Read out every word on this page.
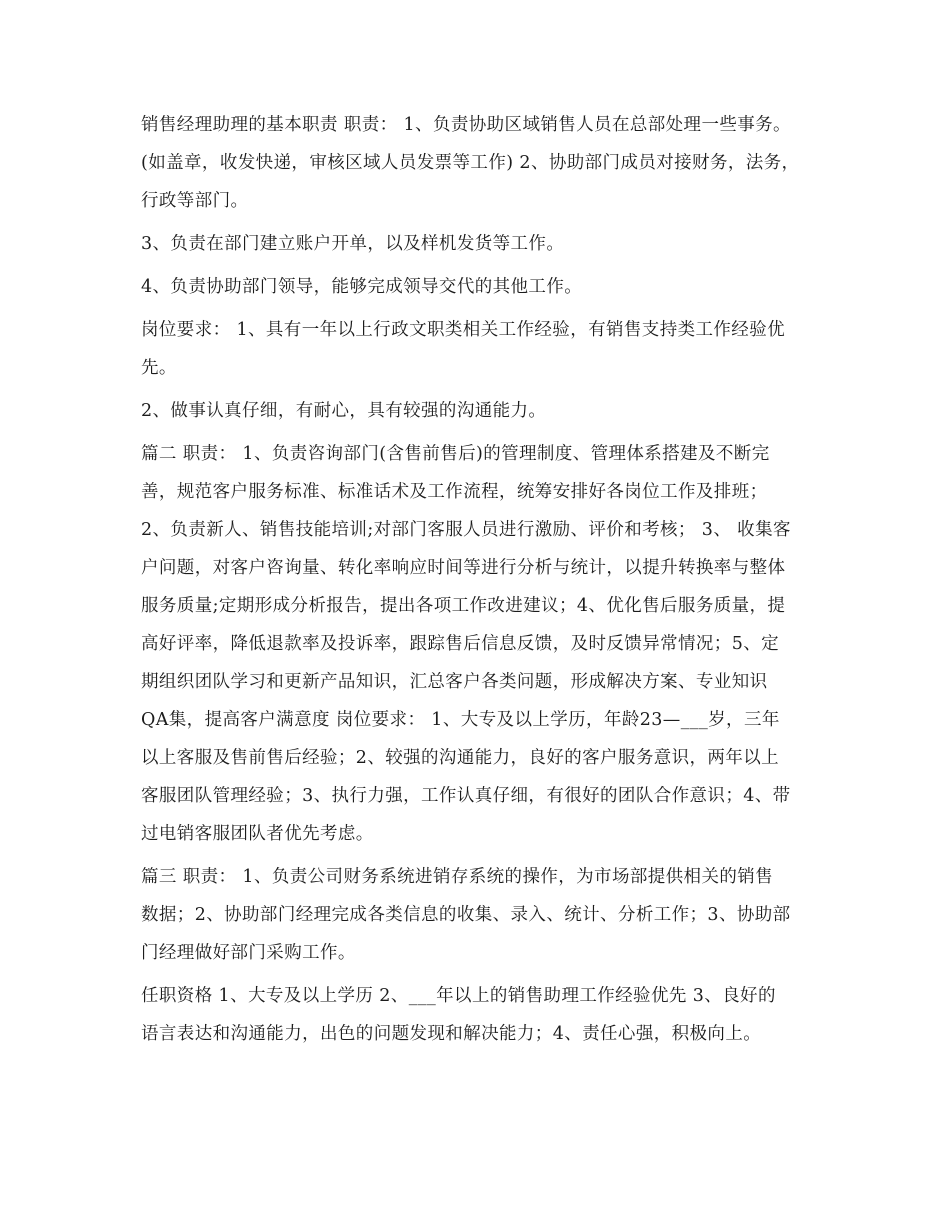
销售经理助理的基本职责 职责： 1、负责协助区域销售人员在总部处理一些事务。
(如盖章，收发快递，审核区域人员发票等工作) 2、协助部门成员对接财务，法务，
行政等部门。
3、负责在部门建立账户开单，以及样机发货等工作。
4、负责协助部门领导，能够完成领导交代的其他工作。
岗位要求： 1、具有一年以上行政文职类相关工作经验，有销售支持类工作经验优
先。
2、做事认真仔细，有耐心，具有较强的沟通能力。
篇二 职责： 1、负责咨询部门(含售前售后)的管理制度、管理体系搭建及不断完
善，规范客户服务标准、标准话术及工作流程，统筹安排好各岗位工作及排班；
2、负责新人、销售技能培训;对部门客服人员进行激励、评价和考核； 3、 收集客
户问题，对客户咨询量、转化率响应时间等进行分析与统计，以提升转换率与整体
服务质量;定期形成分析报告，提出各项工作改进建议；4、优化售后服务质量，提
高好评率，降低退款率及投诉率，跟踪售后信息反馈，及时反馈异常情况；5、定
期组织团队学习和更新产品知识，汇总客户各类问题，形成解决方案、专业知识
QA集，提高客户满意度 岗位要求： 1、大专及以上学历，年龄23—___岁，三年
以上客服及售前售后经验；2、较强的沟通能力，良好的客户服务意识，两年以上
客服团队管理经验；3、执行力强，工作认真仔细，有很好的团队合作意识；4、带
过电销客服团队者优先考虑。
篇三 职责： 1、负责公司财务系统进销存系统的操作，为市场部提供相关的销售
数据；2、协助部门经理完成各类信息的收集、录入、统计、分析工作；3、协助部
门经理做好部门采购工作。
任职资格 1、大专及以上学历 2、___年以上的销售助理工作经验优先 3、良好的
语言表达和沟通能力，出色的问题发现和解决能力；4、责任心强，积极向上。
